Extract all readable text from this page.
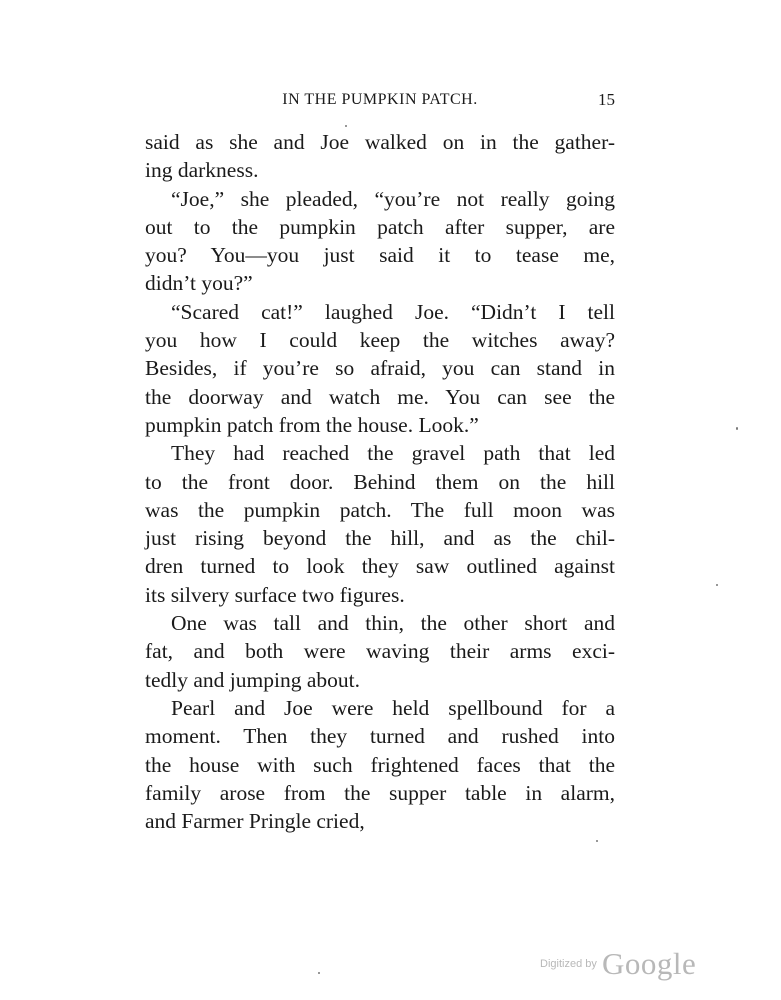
IN THE PUMPKIN PATCH.	15
said as she and Joe walked on in the gather-
ing darkness.
“Joe,” she pleaded, “you’re not really going
out to the pumpkin patch after supper, are
you? You—you just said it to tease me,
didn’t you?”
“Scared cat!” laughed Joe. “Didn’t I tell
you how I could keep the witches away?
Besides, if you’re so afraid, you can stand in
the doorway and watch me. You can see the
pumpkin patch from the house. Look.”
They had reached the gravel path that led
to the front door. Behind them on the hill
was the pumpkin patch. The full moon was
just rising beyond the hill, and as the chil-
dren turned to look they saw outlined against
its silvery surface two figures.
One was tall and thin, the other short and
fat, and both were waving their arms exci-
tedly and jumping about.
Pearl and Joe were held spellbound for a
moment. Then they turned and rushed into
the house with such frightened faces that the
family arose from the supper table in alarm,
and Farmer Pringle cried,
Digitized by Google
